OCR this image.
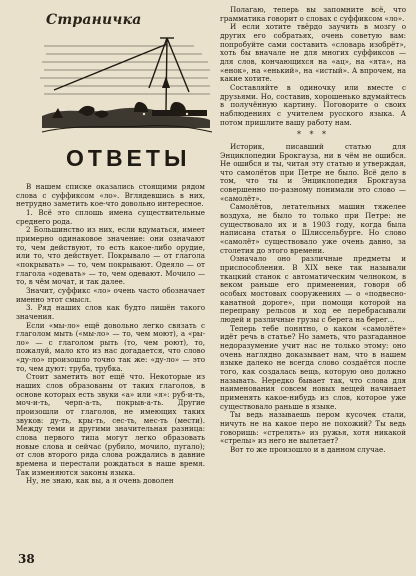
Страничка
ОТВЕТЫ

В нашем списке оказались стоящими рядом слова с суффиксом «ло». Вглядевшись в них, нетрудно заметить кое-что довольно интересное.

1. Всё это сплошь имена существительные среднего рода.

2 Большинство из них, если вдуматься, имеет примерно одинаковое значение: они означают то, чем действуют, то есть какое-либо орудие, или то, что действует. Покрывало — от глагола «покрывать» — то, чем покрывают. Одеяло — от глагола «одевать» — то, чем одевают. Мочило — то, в чём мочат, и так далее.

Значит, суффикс «ло» очень часто обозначает именно этот смысл.

3. Ряд наших слов как будто лишён такого значения.

Если «мы-ло» ещё довольно легко связать с глаголом мыть («мы-ло» — то, чем моют), а «ры-ло» — с глаголом рыть (то, чем роют), то, пожалуй, мало кто из нас догадается, что слово «ду-ло» произошло точно так же: «ду-ло» — это то, чем дуют: труба, трубка.

Стоит заметить вот ещё что. Некоторые из наших слов образованы от таких глаголов, в основе которых есть звуки «а» или «я»: руб-и-ть, моч-и-ть, черп-а-ть, покрыв-а-ть. Другие произошли от глаголов, не имеющих таких звуков: ду-ть, кры-ть, сес-ть, мес-ть (мести). Между теми и другими значительная разница: слова первого типа могут легко образовать новые слова и сейчас (рубило, мочило, пугало); от слов второго ряда слова рождались в давние времена и перестали рождаться в наше время. Так изменяются законы языка.

Ну, не знаю, как вы, а я очень доволен

Полагаю, теперь вы запомните всё, что грамматика говорит о словах с суффиксом «ло».

И если хотите твёрдо заучить в мозгу о других его собратьях, очень советую вам: попробуйте сами составить «словарь изобрёт», хоть бы вначале не для многих суффиксов — для слов, кончающихся на «ац», на «ятa», на «енок», на «енький», на «истый». А впрочем, на какие хотите.

Составляйте в одиночку или вместе с друзьями. Но, составив, хорошенько вдумайтесь в получённую картину. Поговорите о своих наблюдениях с учителем русского языка. А потом пришлите вашу работу нам.

* * *

Историк, писавший статью для Энциклопедии Брокгауза, ни в чём не ошибся. Не ошибся и ты, читая эту статью и утверждая, что самолётов при Петре не было. Всё дело в том, что ты и Энциклопедия Брокгауза совершенно по-разному понимали это слово — «самолёт».

Самолётов, летательных машин тяжелее воздуха, не было то только при Петре: не существовало их и в 1903 году, когда была написана статья о Шлиссельбурге. Но слово «самолёт» существовало уже очень давно, за столетия до этого времени.

Означало оно различные предметы и приспособления. В XIX веке так называли ткацкий станок с автоматическим челноком, в веком раньше его применения, говоря об особых мостовых сооружениях — о «подвесно-канатной дороге», при помощи которой на переправу рельсов и ход ее перебрасывали людей и различные грузы с берега на берег…

Теперь тебе понятно, о каком «самолёте» идёт речь в статье? Но заметь, что разгаданное недоразумение учит нас не только этому: оно очень наглядно доказывает нам, что в нашем языке далеко не всегда слово создаётся после того, как создалась вещь, которую оно должно называть. Нередко бывает так, что слова для наименования совсем новых вещей начинает применять какое-нибудь из слов, которое уже существовало раньше в языке.

Ты ведь называешь пером кусочек стали, ничуть не на какое перо не похожий? Ты ведь говоришь: «стрелять» из ружья, хотя никакой «стрелы» из него не вылетает?

Вот то же произошло и в данном случае.

38
